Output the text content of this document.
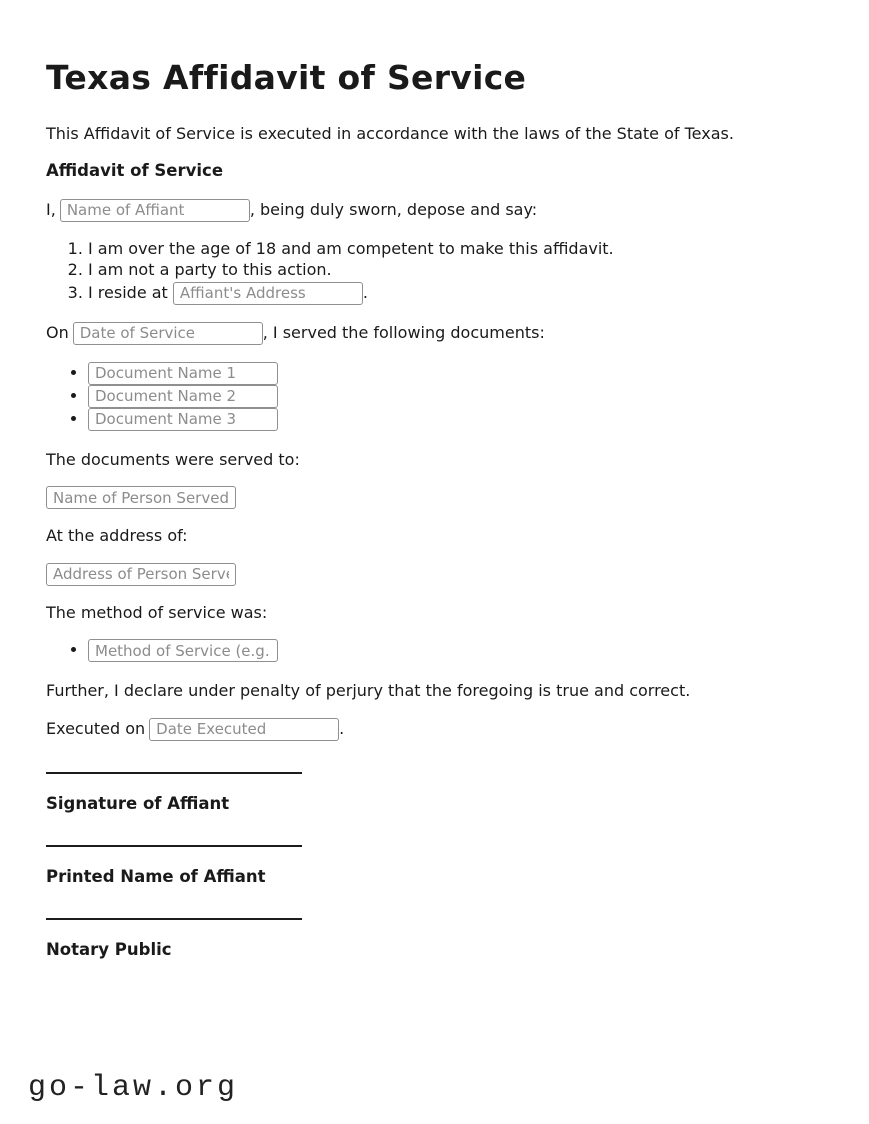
Texas Affidavit of Service

This Affidavit of Service is executed in accordance with the laws of the State of Texas.

Affidavit of Service

I,Name of Affiant	, being duly sworn, depose and say:

1. I am over the age of 18 and am competent to make this affidavit.
2. I am not a party to this action.
3. I reside at Affiant's Address	.

OnDate of Service	, I served the following documents:

• Document Name 1
• Document Name 2
• Document Name 3

The documents were served to:

Name of Person Served

At the address of:

Address of Person Served

The method of service was:

• Method of Service (e.g., pe

Further, I declare under penalty of perjury that the foregoing is true and correct.

Executed onDate Executed	.

Signature of Affiant

Printed Name of Affiant

Notary Public

go-law.org
